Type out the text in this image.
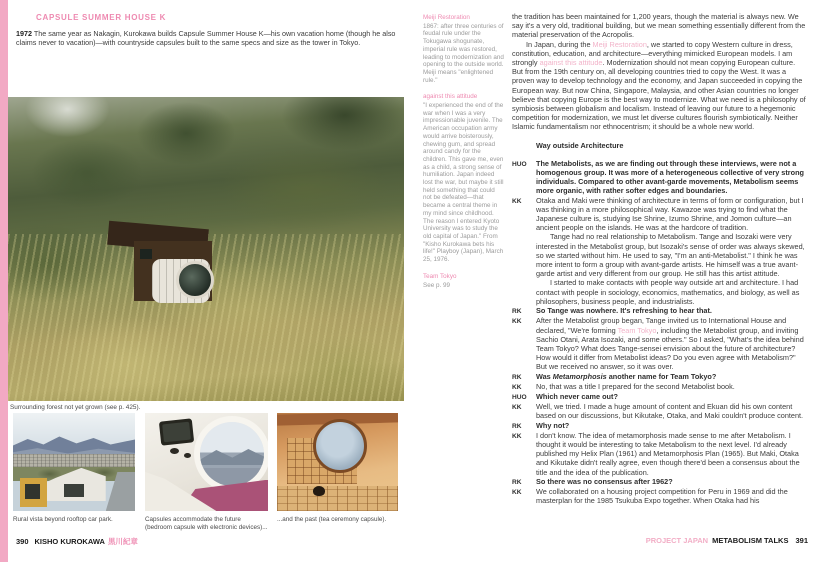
CAPSULE SUMMER HOUSE K
1972 The same year as Nakagin, Kurokawa builds Capsule Summer House K—his own vacation home (though he also claims never to vacation)—with countryside capsules built to the same specs and size as the tower in Tokyo.
Surrounding forest not yet grown (see p. 425).
Rural vista beyond rooftop car park.	Capsules accommodate the future (bedroom capsule with electronic devices)...
...and the past (tea ceremony capsule).
390 KISHO KUROKAWA 黒川紀章
Meiji Restoration
1867: after three centuries of feudal rule under the Tokugawa shogunate, imperial rule was restored, leading to modernization and opening to the outside world. Meiji means "enlightened rule."
against this attitude
"I experienced the end of the war when I was a very impressionable juvenile. The American occupation army would arrive boisterously, chewing gum, and spread around candy for the children. This gave me, even as a child, a strong sense of humiliation. Japan indeed lost the war, but maybe it still held something that could not be defeated—that became a central theme in my mind since childhood. The reason I entered Kyoto University was to study the old capital of Japan." From "Kisho Kurokawa bets his life!" Playboy (Japan), March 25, 1976.
Team Tokyo
See p. 99
the tradition has been maintained for 1,200 years, though the material is always new. We say it's a very old, traditional building, but we mean something essentially different from the material preservation of the Acropolis.
In Japan, during the Meiji Restoration, we started to copy Western culture in dress, constitution, education, and architecture—everything mimicked European models. I am strongly against this attitude. Modernization should not mean copying European culture. But from the 19th century on, all developing countries tried to copy the West. It was a proven way to develop technology and the economy, and Japan succeeded in copying the European way. But now China, Singapore, Malaysia, and other Asian countries no longer believe that copying Europe is the best way to modernize. What we need is a philosophy of symbiosis between globalism and localism. Instead of leaving our future to a hegemonic competition for modernization, we must let diverse cultures flourish symbiotically. Neither Islamic fundamentalism nor ethnocentrism; it should be a whole new world.
Way outside Architecture
HUO	The Metabolists, as we are finding out through these interviews, were not a homogenous group. It was more of a heterogeneous collective of very strong individuals. Compared to other avant-garde movements, Metabolism seems more organic, with rather softer edges and boundaries.
KK	Otaka and Maki were thinking of architecture in terms of form or configuration, but I was thinking in a more philosophical way. Kawazoe was trying to find what the Japanese culture is, studying Ise Shrine, Izumo Shrine, and Jomon culture—an ancient people on the islands. He was at the hardcore of tradition.
Tange had no real relationship to Metabolism. Tange and Isozaki were very interested in the Metabolist group, but Isozaki's sense of order was always skewed, so we started without him. He used to say, "I'm an anti-Metabolist." I think he was more intent to form a group with avant-garde artists. He himself was a true avant-garde artist and very different from our group. He still has this artist attitude.
I started to make contacts with people way outside art and architecture. I had contact with people in sociology, economics, mathematics, and biology, as well as philosophers, business people, and industrialists.
RK	So Tange was nowhere. It's refreshing to hear that.
KK	After the Metabolist group began, Tange invited us to International House and declared, "We're forming Team Tokyo, including the Metabolist group, and inviting Sachio Otani, Arata Isozaki, and some others." So I asked, "What's the idea behind Team Tokyo? What does Tange-sensei envision about the future of architecture? How would it differ from Metabolist ideas? Do you even agree with Metabolism?" But we received no answer, so it was over.
RK	Was Metamorphosis another name for Team Tokyo?
KK	No, that was a title I prepared for the second Metabolist book.
HUO	Which never came out?
KK	Well, we tried. I made a huge amount of content and Ekuan did his own content based on our discussions, but Kikutake, Otaka, and Maki couldn't produce content.
RK	Why not?
KK	I don't know. The idea of metamorphosis made sense to me after Metabolism. I thought it would be interesting to take Metabolism to the next level. I'd already published my Helix Plan (1961) and Metamorphosis Plan (1965). But Maki, Otaka and Kikutake didn't really agree, even though there'd been a consensus about the title and the idea of the publication.
RK	So there was no consensus after 1962?
KK	We collaborated on a housing project competition for Peru in 1969 and did the masterplan for the 1985 Tsukuba Expo together. When Otaka had his
PROJECT JAPAN METABOLISM TALKS 391
